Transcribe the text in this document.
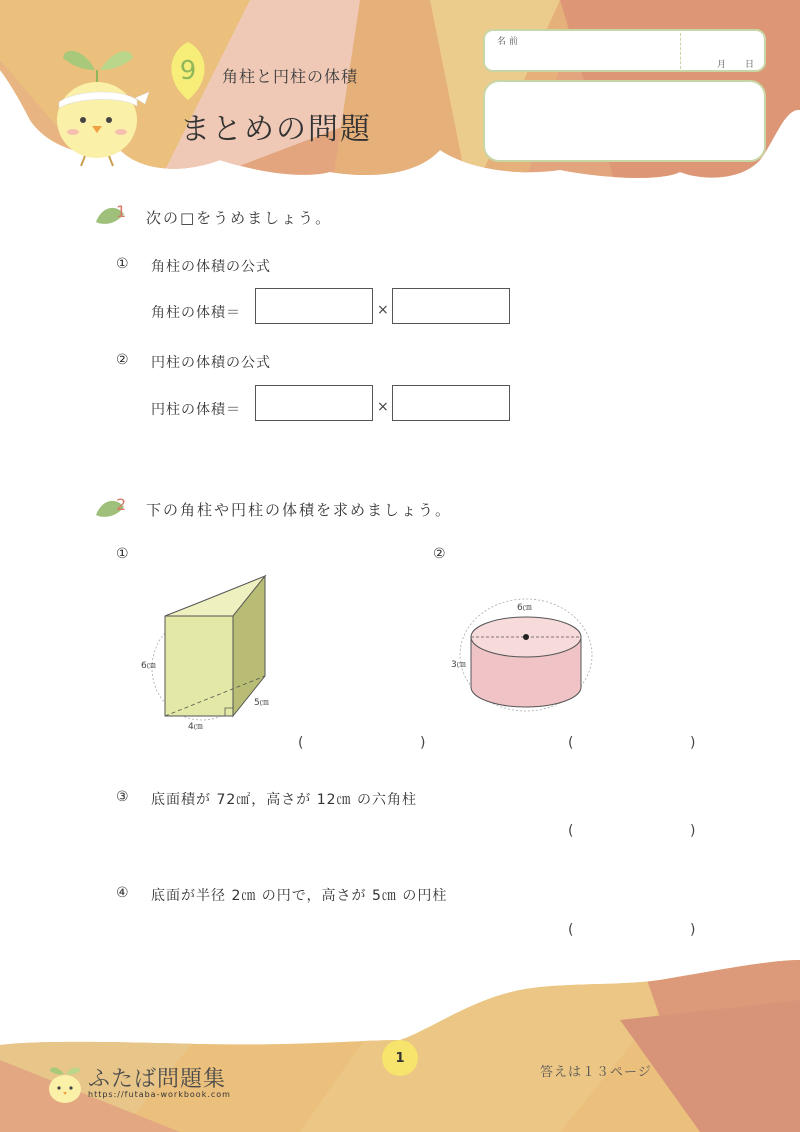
9	角柱と円柱の体積
まとめの問題
名 前
月 日
1 次の□をうめましょう。
① 角柱の体積の公式
角柱の体積＝	×
② 円柱の体積の公式
円柱の体積＝	×
2 下の角柱や円柱の体積を求めましょう。
①	②
6㎝
5㎝
4㎝
6㎝
3㎝
(	)	(	)
③ 底面積が 72㎠，高さが 12㎝ の六角柱
(	)
④ 底面が半径 2㎝ の円で，高さが 5㎝ の円柱
(	)
1
ふたば問題集
https://futaba-workbook.com
答えは１３ページ
